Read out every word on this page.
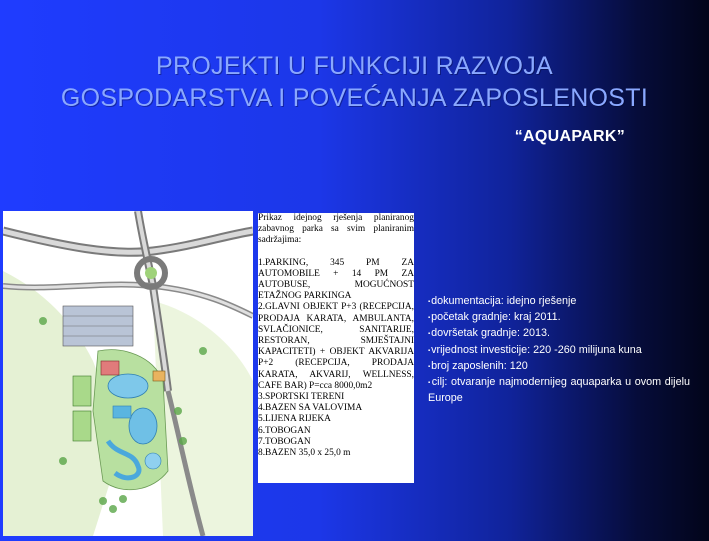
PROJEKTI U FUNKCIJI RAZVOJA
GOSPODARSTVA I POVEĆANJA ZAPOSLENOSTI
“AQUAPARK”

Prikaz idejnog rješenja planiranog zabavnog parka sa svim planiranim sadržajima:

1.PARKING, 345 PM ZA AUTOMOBILE + 14 PM ZA AUTOBUSE, MOGUĆNOST ETAŽNOG PARKINGA
2.GLAVNI OBJEKT P+3 (RECEPCIJA, PRODAJA KARATA, AMBULANTA, SVLAČIONICE, SANITARIJE, RESTORAN, SMJEŠTAJNI KAPACITETI) + OBJEKT AKVARIJA P+2 (RECEPCIJA, PRODAJA KARATA, AKVARIJ, WELLNESS, CAFE BAR) P=cca 8000,0m2
3.SPORTSKI TERENI
4.BAZEN SA VALOVIMA
5.LIJENA RIJEKA
6.TOBOGAN
7.TOBOGAN
8.BAZEN 35,0 x 25,0 m
▪dokumentacija: idejno rješenje
▪početak gradnje: kraj 2011.
▪dovršetak gradnje: 2013.
▪vrijednost investicije: 220 -260 milijuna kuna
▪broj zaposlenih: 120
▪cilj: otvaranje najmodernijeg aquaparka u ovom dijelu Europe
